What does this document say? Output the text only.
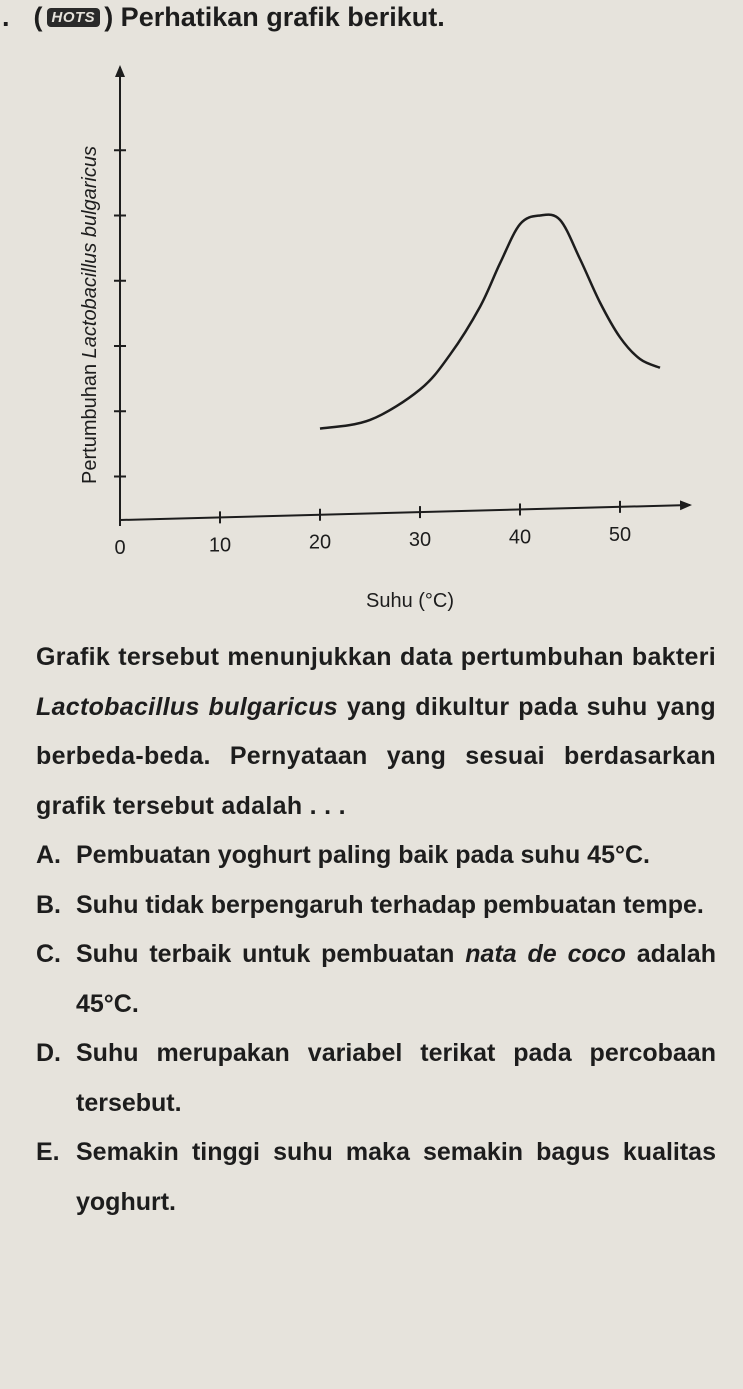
. ( HOTS ) Perhatikan grafik berikut.
0	10	20	30	40	50
Pertumbuhan Lactobacillus bulgaricus
Suhu (°C)
Grafik tersebut menunjukkan data pertumbuhan bakteri Lactobacillus bulgaricus yang dikultur pada suhu yang berbeda-beda. Pernyataan yang sesuai berdasarkan grafik tersebut adalah . . .
A. Pembuatan yoghurt paling baik pada suhu 45°C.
B. Suhu tidak berpengaruh terhadap pembuatan tempe.
C. Suhu terbaik untuk pembuatan nata de coco adalah 45°C.
D. Suhu merupakan variabel terikat pada percobaan tersebut.
E. Semakin tinggi suhu maka semakin bagus kualitas yoghurt.
